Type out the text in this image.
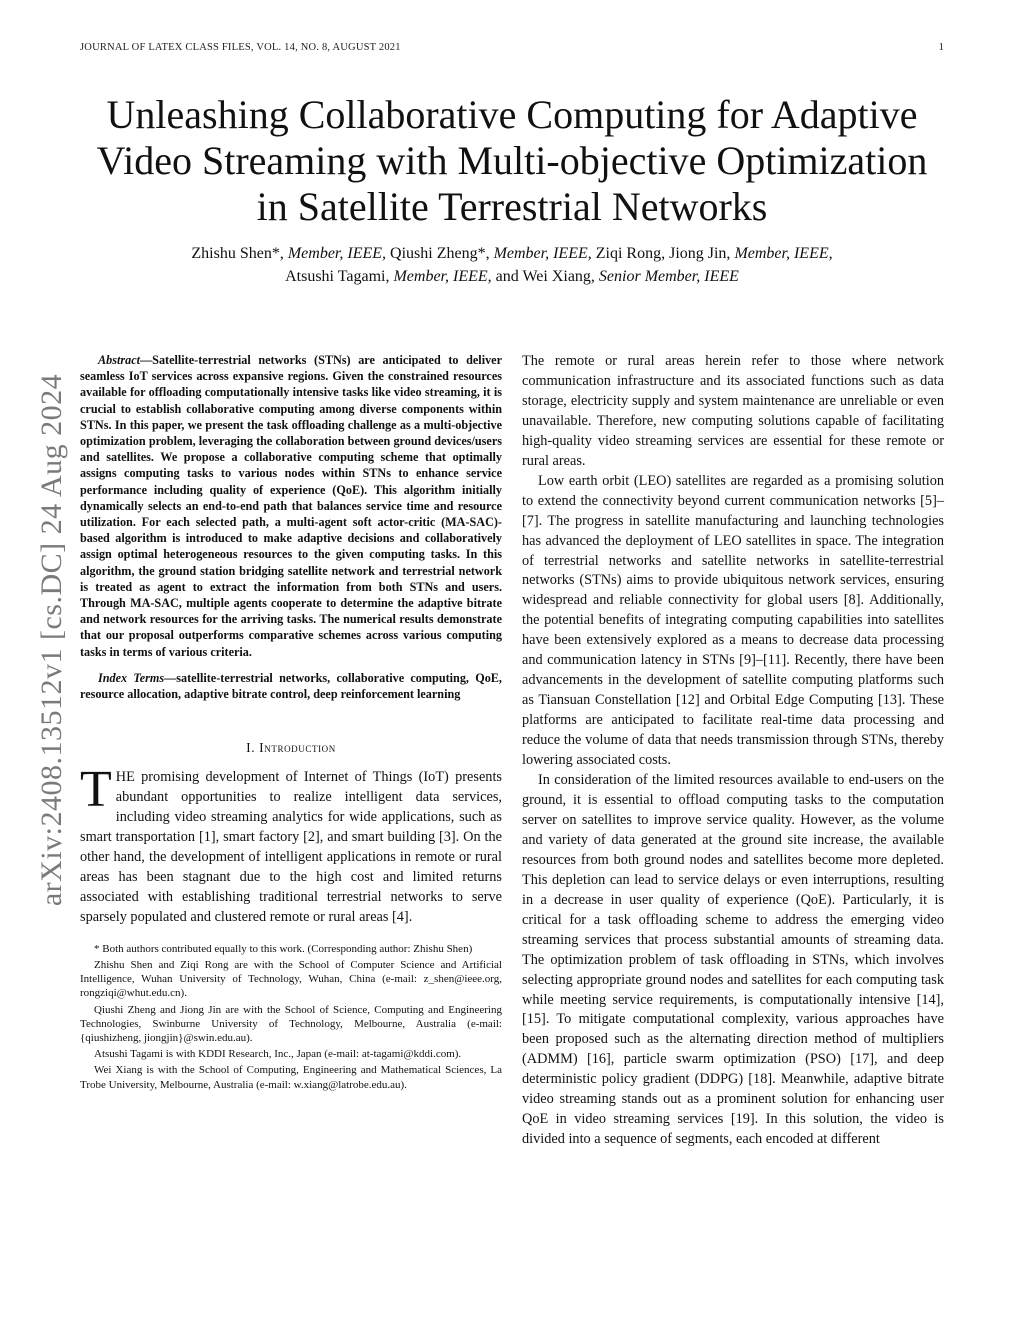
JOURNAL OF LATEX CLASS FILES, VOL. 14, NO. 8, AUGUST 2021	1
Unleashing Collaborative Computing for Adaptive
Video Streaming with Multi-objective Optimization
in Satellite Terrestrial Networks
Zhishu Shen*, Member, IEEE, Qiushi Zheng*, Member, IEEE, Ziqi Rong, Jiong Jin, Member, IEEE,
Atsushi Tagami, Member, IEEE, and Wei Xiang, Senior Member, IEEE
arXiv:2408.13512v1 [cs.DC] 24 Aug 2024

Abstract—Satellite-terrestrial networks (STNs) are anticipated to deliver seamless IoT services across expansive regions. Given the constrained resources available for offloading computationally intensive tasks like video streaming, it is crucial to establish collaborative computing among diverse components within STNs. In this paper, we present the task offloading challenge as a multi-objective optimization problem, leveraging the collaboration between ground devices/users and satellites. We propose a collaborative computing scheme that optimally assigns computing tasks to various nodes within STNs to enhance service performance including quality of experience (QoE). This algorithm initially dynamically selects an end-to-end path that balances service time and resource utilization. For each selected path, a multi-agent soft actor-critic (MA-SAC)-based algorithm is introduced to make adaptive decisions and collaboratively assign optimal heterogeneous resources to the given computing tasks. In this algorithm, the ground station bridging satellite network and terrestrial network is treated as agent to extract the information from both STNs and users. Through MA-SAC, multiple agents cooperate to determine the adaptive bitrate and network resources for the arriving tasks. The numerical results demonstrate that our proposal outperforms comparative schemes across various computing tasks in terms of various criteria.

Index Terms—satellite-terrestrial networks, collaborative computing, QoE, resource allocation, adaptive bitrate control, deep reinforcement learning

I. Introduction

THE promising development of Internet of Things (IoT) presents abundant opportunities to realize intelligent data services, including video streaming analytics for wide applications, such as smart transportation [1], smart factory [2], and smart building [3]. On the other hand, the development of intelligent applications in remote or rural areas has been stagnant due to the high cost and limited returns associated with establishing traditional terrestrial networks to serve sparsely populated and clustered remote or rural areas [4].

* Both authors contributed equally to this work. (Corresponding author: Zhishu Shen)

Zhishu Shen and Ziqi Rong are with the School of Computer Science and Artificial Intelligence, Wuhan University of Technology, Wuhan, China (e-mail: z_shen@ieee.org, rongziqi@whut.edu.cn).

Qiushi Zheng and Jiong Jin are with the School of Science, Computing and Engineering Technologies, Swinburne University of Technology, Melbourne, Australia (e-mail: {qiushizheng, jiongjin}@swin.edu.au).

Atsushi Tagami is with KDDI Research, Inc., Japan (e-mail: at-tagami@kddi.com).

Wei Xiang is with the School of Computing, Engineering and Mathematical Sciences, La Trobe University, Melbourne, Australia (e-mail: w.xiang@latrobe.edu.au).

The remote or rural areas herein refer to those where network communication infrastructure and its associated functions such as data storage, electricity supply and system maintenance are unreliable or even unavailable. Therefore, new computing solutions capable of facilitating high-quality video streaming services are essential for these remote or rural areas.

Low earth orbit (LEO) satellites are regarded as a promising solution to extend the connectivity beyond current communication networks [5]–[7]. The progress in satellite manufacturing and launching technologies has advanced the deployment of LEO satellites in space. The integration of terrestrial networks and satellite networks in satellite-terrestrial networks (STNs) aims to provide ubiquitous network services, ensuring widespread and reliable connectivity for global users [8]. Additionally, the potential benefits of integrating computing capabilities into satellites have been extensively explored as a means to decrease data processing and communication latency in STNs [9]–[11]. Recently, there have been advancements in the development of satellite computing platforms such as Tiansuan Constellation [12] and Orbital Edge Computing [13]. These platforms are anticipated to facilitate real-time data processing and reduce the volume of data that needs transmission through STNs, thereby lowering associated costs.

In consideration of the limited resources available to end-users on the ground, it is essential to offload computing tasks to the computation server on satellites to improve service quality. However, as the volume and variety of data generated at the ground site increase, the available resources from both ground nodes and satellites become more depleted. This depletion can lead to service delays or even interruptions, resulting in a decrease in user quality of experience (QoE). Particularly, it is critical for a task offloading scheme to address the emerging video streaming services that process substantial amounts of streaming data. The optimization problem of task offloading in STNs, which involves selecting appropriate ground nodes and satellites for each computing task while meeting service requirements, is computationally intensive [14], [15]. To mitigate computational complexity, various approaches have been proposed such as the alternating direction method of multipliers (ADMM) [16], particle swarm optimization (PSO) [17], and deep deterministic policy gradient (DDPG) [18]. Meanwhile, adaptive bitrate video streaming stands out as a prominent solution for enhancing user QoE in video streaming services [19]. In this solution, the video is divided into a sequence of segments, each encoded at different
